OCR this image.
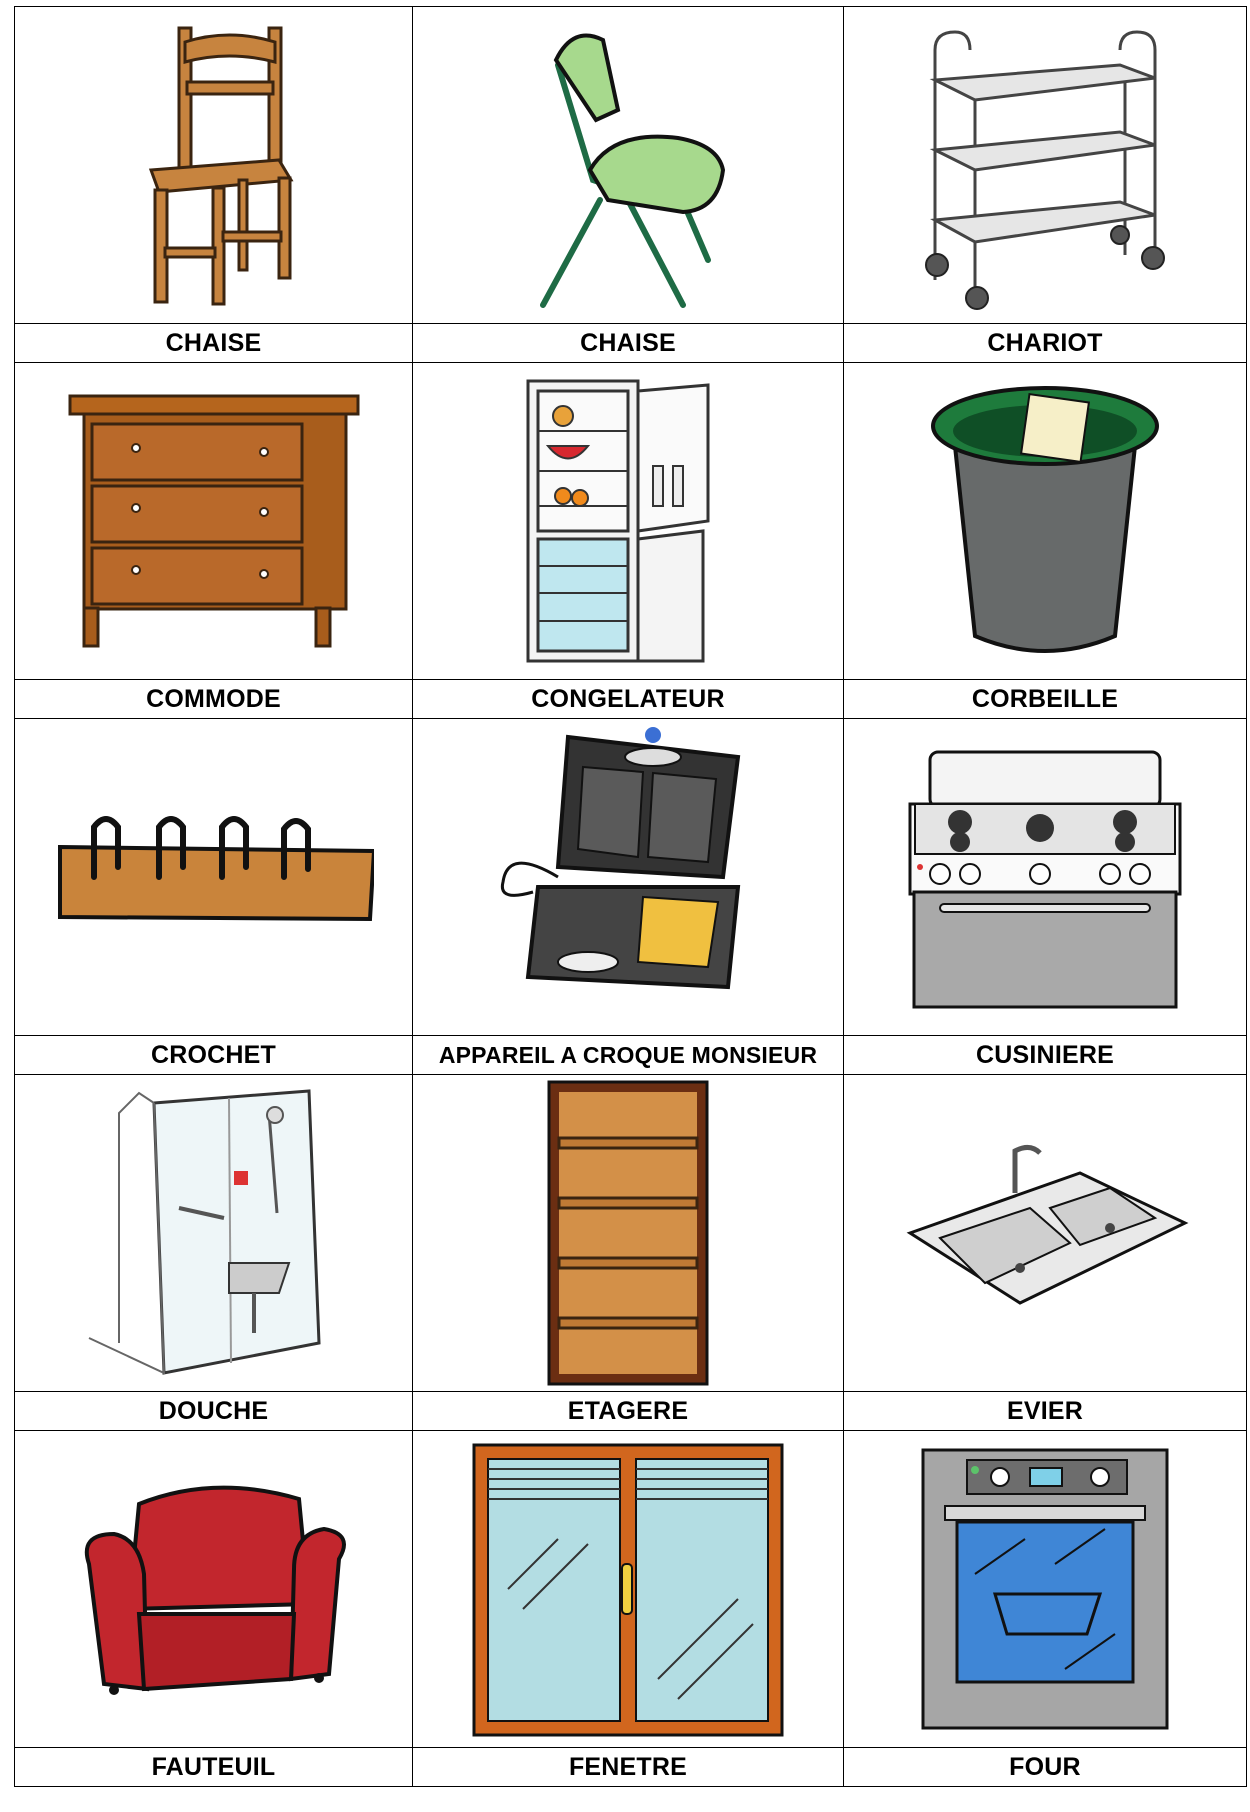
CHAISE	CHAISE	CHARIOT

COMMODE	CONGELATEUR	CORBEILLE

CROCHET	APPAREIL A CROQUE MONSIEUR	CUSINIERE

DOUCHE	ETAGERE	EVIER

FAUTEUIL	FENETRE	FOUR
